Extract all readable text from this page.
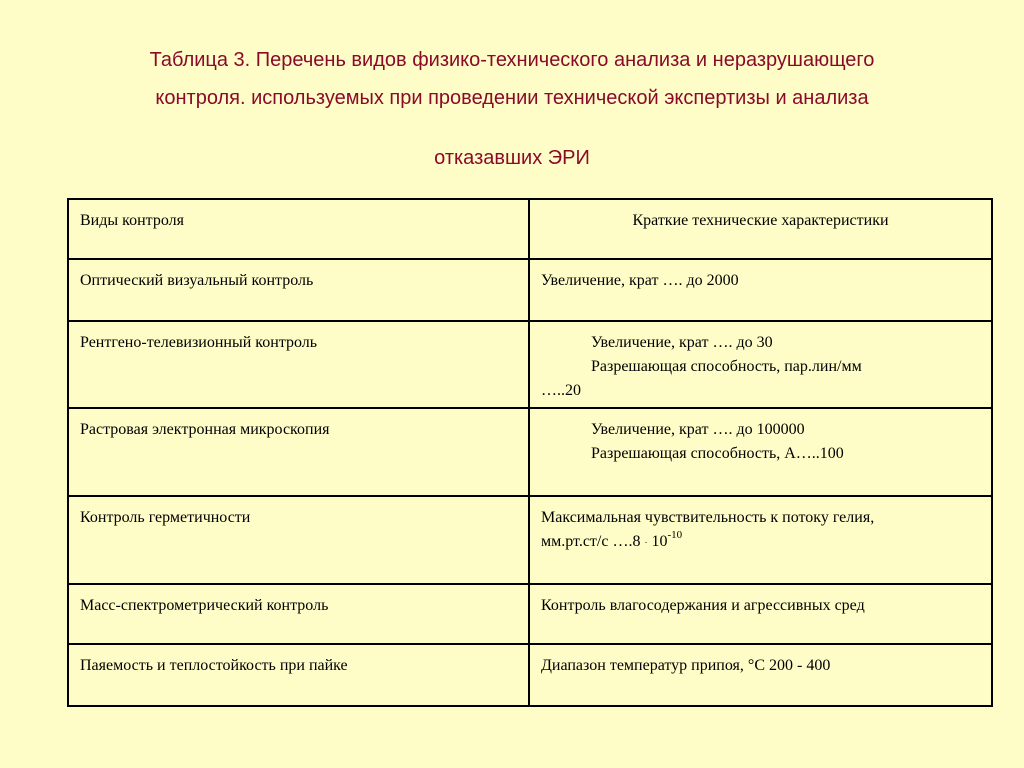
Таблица 3. Перечень видов физико-технического анализа и неразрушающего
контроля. используемых при проведении технической экспертизы и анализа
отказавших ЭРИ
Виды контроля	Краткие технические характеристики
Оптический визуальный контроль	Увеличение, крат …. до 2000

Рентгено-телевизионный контроль	Увеличение, крат …. до 30
Разрешающая способность, пар.лин/мм
…..20

Растровая электронная микроскопия	Увеличение, крат …. до 100000
Разрешающая способность, А…..100

Контроль герметичности	Максимальная чувствительность к потоку гелия,
мм.рт.ст/с ….8 · $10^{-10}$

Масс-спектрометрический контроль	Контроль влагосодержания и агрессивных сред

Паяемость и теплостойкость при пайке	Диапазон температур припоя, °С 200 - 400
